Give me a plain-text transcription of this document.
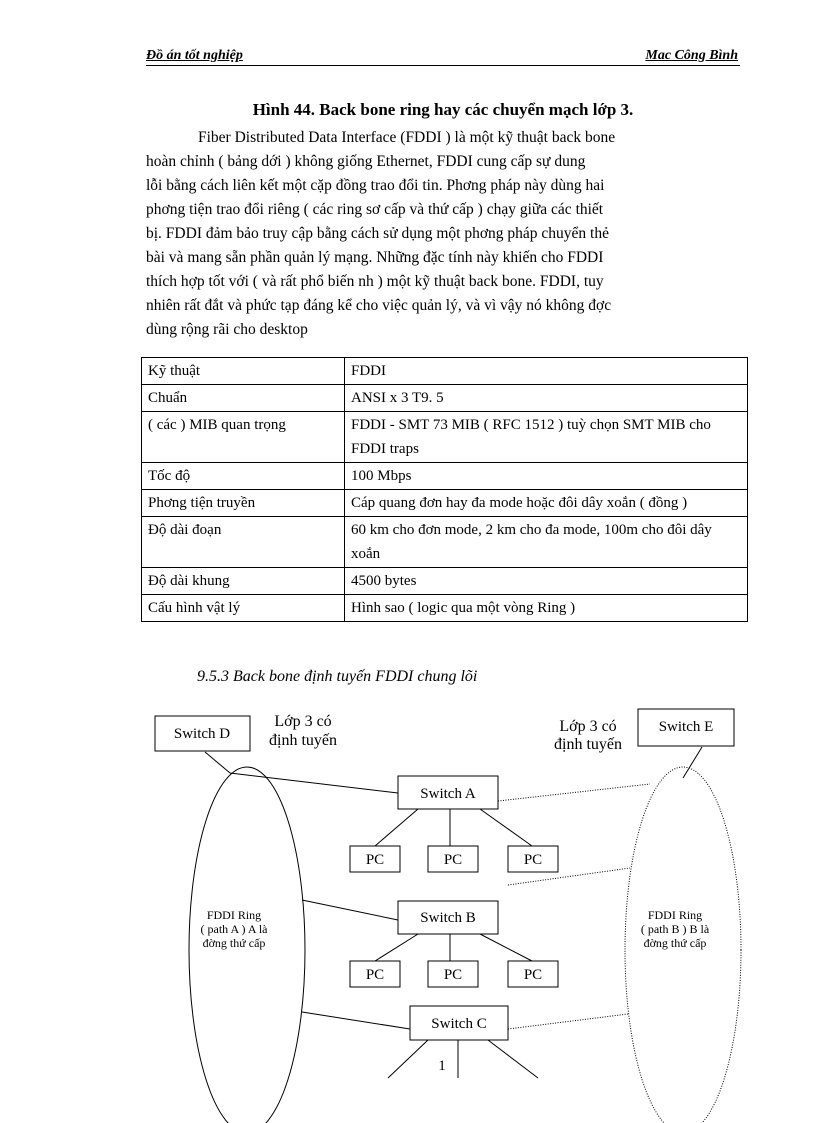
Đồ án tốt nghiệp	Mac Công Bình
Hình 44. Back bone ring hay các chuyển mạch lớp 3.
Fiber Distributed Data Interface (FDDI ) là một kỹ thuật back bone
hoàn chỉnh ( bảng dới ) không giống Ethernet, FDDI cung cấp sự dung
lỗi bằng cách liên kết một cặp đồng trao đổi tin. Phơng pháp này dùng hai
phơng tiện trao đổi riêng ( các ring sơ cấp và thứ cấp ) chạy giữa các thiết
bị. FDDI đảm bảo truy cập bằng cách sử dụng một phơng pháp chuyển thẻ
bài và mang sẵn phần quản lý mạng. Những đặc tính này khiến cho FDDI
thích hợp tốt với ( và rất phổ biến nh ) một kỹ thuật back bone. FDDI, tuy
nhiên rất đắt và phức tạp đáng kể cho việc quản lý, và vì vậy nó không đợc
dùng rộng rãi cho desktop
Kỹ thuật	FDDI
Chuẩn	ANSI x 3 T9. 5
( các ) MIB quan trọng	FDDI - SMT 73 MIB ( RFC 1512 ) tuỳ chọn SMT MIB cho FDDI traps
Tốc độ	100 Mbps
Phơng tiện truyền	Cáp quang đơn hay đa mode hoặc đôi dây xoắn ( đồng )
Độ dài đoạn	60 km cho đơn mode, 2 km cho đa mode, 100m cho đôi dây xoắn
Độ dài khung	4500 bytes
Cấu hình vật lý	Hình sao ( logic qua một vòng Ring )
9.5.3 Back bone định tuyến FDDI chung lõi
Switch D	Switch E
Switch A
Switch B
Switch C
PC	PC	PC
PC	PC	PC
Lớp 3 có
định tuyến
Lớp 3 có
định tuyến
FDDI Ring
( path A ) A là
đờng thứ cấp
FDDI Ring
( path B ) B là
đờng thứ cấp
1
